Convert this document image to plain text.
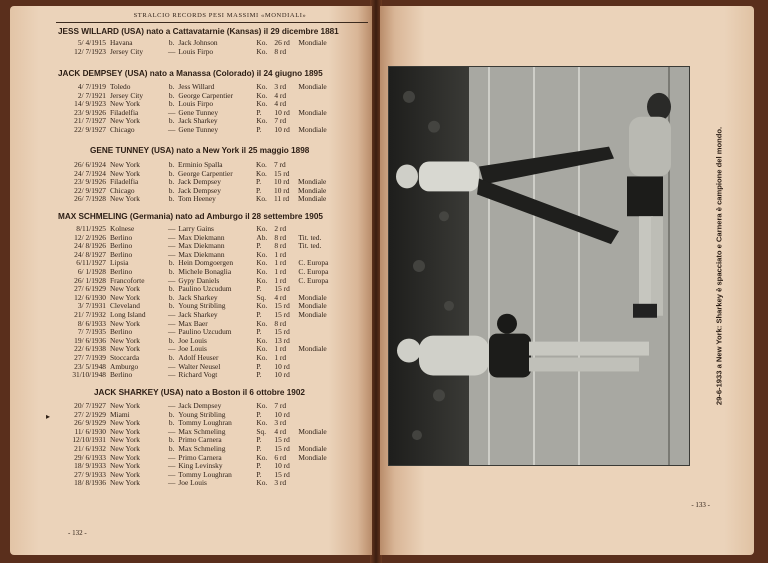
STRALCIO RECORDS PESI MASSIMI «MONDIALI»
JESS WILLARD (USA) nato a Cattavatarnie (Kansas) il 29 dicembre 1881
5/ 4/1915	Havana	b.	Jack Johnson	Ko.	26 rd	Mondiale
12/ 7/1923	Jersey City	—	Louis Firpo	Ko.	8 rd	
JACK DEMPSEY (USA) nato a Manassa (Colorado) il 24 giugno 1895
4/ 7/1919	Toledo	b.	Jess Willard	Ko.	3 rd	Mondiale
2/ 7/1921	Jersey City	b.	George Carpentier	Ko.	4 rd	
14/ 9/1923	New York	b.	Louis Firpo	Ko.	4 rd	
23/ 9/1926	Filadelfia	—	Gene Tunney	P.	10 rd	Mondiale
21/ 7/1927	New York	b.	Jack Sharkey	Ko.	7 rd	
22/ 9/1927	Chicago	—	Gene Tunney	P.	10 rd	Mondiale
GENE TUNNEY (USA) nato a New York il 25 maggio 1898
26/ 6/1924	New York	b.	Erminio Spalla	Ko.	7 rd	
24/ 7/1924	New York	b.	George Carpentier	Ko.	15 rd	
23/ 9/1926	Filadelfia	b.	Jack Dempsey	P.	10 rd	Mondiale
22/ 9/1927	Chicago	b.	Jack Dempsey	P.	10 rd	Mondiale
26/ 7/1928	New York	b.	Tom Heeney	Ko.	11 rd	Mondiale
MAX SCHMELING (Germania) nato ad Amburgo il 28 settembre 1905
8/11/1925	Kolnese	—	Larry Gains	Ko.	2 rd	
12/ 2/1926	Berlino	—	Max Diekmann	Ab.	8 rd	Tit. ted.
24/ 8/1926	Berlino	—	Max Diekmann	P.	8 rd	Tit. ted.
24/ 8/1927	Berlino	—	Max Diekmann	Ko.	1 rd	
6/11/1927	Lipsia	b.	Hein Domgoergen	Ko.	1 rd	C. Europa
6/ 1/1928	Berlino	b.	Michele Bonaglia	Ko.	1 rd	C. Europa
26/ 1/1928	Francoforte	—	Gypy Daniels	Ko.	1 rd	C. Europa
27/ 6/1929	New York	b.	Paulino Uzcudum	P.	15 rd	
12/ 6/1930	New York	b.	Jack Sharkey	Sq.	4 rd	Mondiale
3/ 7/1931	Cleveland	b.	Young Stribling	Ko.	15 rd	Mondiale
21/ 7/1932	Long Island	—	Jack Sharkey	P.	15 rd	Mondiale
8/ 6/1933	New York	—	Max Baer	Ko.	8 rd	
7/ 7/1935	Berlino	—	Paulino Uzcudum	P.	15 rd	
19/ 6/1936	New York	b.	Joe Louis	Ko.	13 rd	
22/ 6/1938	New York	—	Joe Louis	Ko.	1 rd	Mondiale
27/ 7/1939	Stoccarda	b.	Adolf Heuser	Ko.	1 rd	
23/ 5/1948	Amburgo	—	Walter Neusel	P.	10 rd	
31/10/1948	Berlino	—	Richard Vogt	P.	10 rd	
JACK SHARKEY (USA) nato a Boston il 6 ottobre 1902
▸
20/ 7/1927	New York	—	Jack Dempsey	Ko.	7 rd	
27/ 2/1929	Miami	b.	Young Stribling	P.	10 rd	
26/ 9/1929	New York	b.	Tommy Loughran	Ko.	3 rd	
11/ 6/1930	New York	—	Max Schmeling	Sq.	4 rd	Mondiale
12/10/1931	New York	b.	Primo Carnera	P.	15 rd	
21/ 6/1932	New York	b.	Max Schmeling	P.	15 rd	Mondiale
29/ 6/1933	New York	—	Primo Carnera	Ko.	6 rd	Mondiale
18/ 9/1933	New York	—	King Levinsky	P.	10 rd	
27/ 9/1933	New York	—	Tommy Loughran	P.	15 rd	
18/ 8/1936	New York	—	Joe Louis	Ko.	3 rd	
- 132 -
29-6-1933 a New York: Sharkey è spacciato e Carnera è campione del mondo.
- 133 -
